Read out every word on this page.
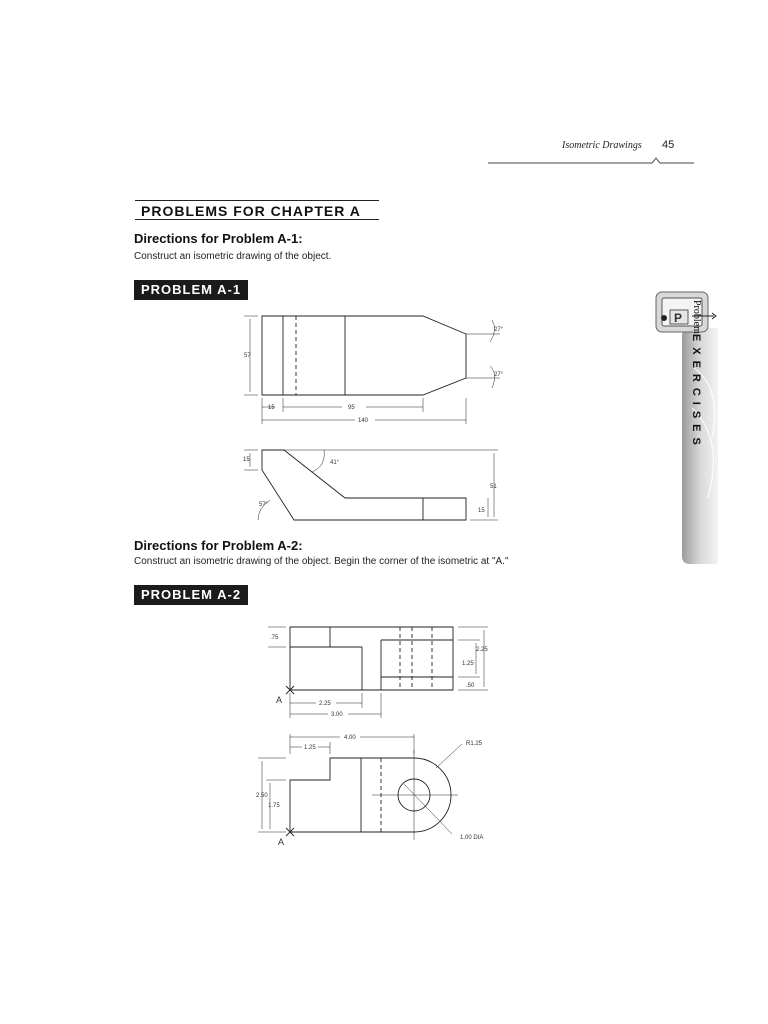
Isometric Drawings 45
PROBLEMS FOR CHAPTER A
Directions for Problem A-1:
Construct an isometric drawing of the object.
PROBLEM A-1
57
27°
27°
15	95
140
15	41°
51
57°
15
Directions for Problem A-2:
Construct an isometric drawing of the object. Begin the corner of the isometric at "A."
PROBLEM A-2
.75
2.25
1.25
.50
A	2.25
3.00
4.00
1.25
R1.25
2.50
1.75
A	1.00 DIA
P ProblemEXERCISES
